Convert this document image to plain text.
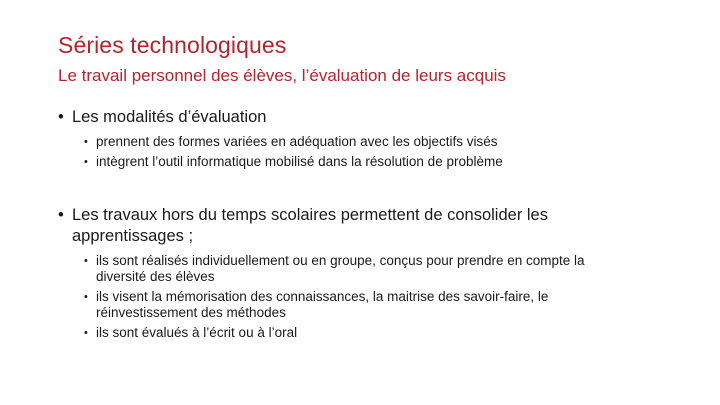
Séries technologiques
Le travail personnel des élèves, l’évaluation de leurs acquis
• Les modalités d’évaluation
• prennent des formes variées en adéquation avec les objectifs visés
• intègrent l’outil informatique mobilisé dans la résolution de problème
• Les travaux hors du temps scolaires permettent de consolider les apprentissages ;
• ils sont réalisés individuellement ou en groupe, conçus pour prendre en compte la diversité des élèves
• ils visent la mémorisation des connaissances, la maitrise des savoir-faire, le réinvestissement des méthodes
• ils sont évalués à l’écrit ou à l’oral
